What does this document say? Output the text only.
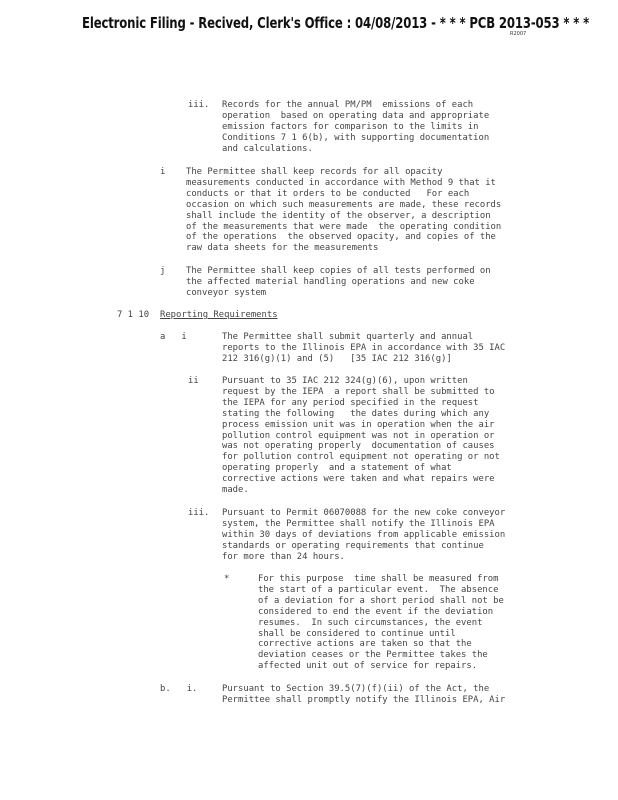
Electronic Filing - Recived, Clerk's Office : 04/08/2013 - * * * PCB 2013-053 * * *
R2007
iii. Records for the annual PM/PM  emissions of each
operation  based on operating data and appropriate
emission factors for comparison to the limits in
Conditions 7 1 6(b), with supporting documentation
and calculations.
i The Permittee shall keep records for all opacity
measurements conducted in accordance with Method 9 that it
conducts or that it orders to be conducted   For each
occasion on which such measurements are made, these records
shall include the identity of the observer, a description
of the measurements that were made  the operating condition
of the operations  the observed opacity, and copies of the
raw data sheets for the measurements
j The Permittee shall keep copies of all tests performed on
the affected material handling operations and new coke
conveyor system
7 1 10 Reporting Requirements
a   i	The Permittee shall submit quarterly and annual
reports to the Illinois EPA in accordance with 35 IAC
212 316(g)(1) and (5)   [35 IAC 212 316(g)]
ii	Pursuant to 35 IAC 212 324(g)(6), upon written
request by the IEPA  a report shall be submitted to
the IEPA for any period specified in the request
stating the following   the dates during which any
process emission unit was in operation when the air
pollution control equipment was not in operation or
was not operating properly  documentation of causes
for pollution control equipment not operating or not
operating properly  and a statement of what
corrective actions were taken and what repairs were
made.
iii. Pursuant to Permit 06070088 for the new coke conveyor
system, the Permittee shall notify the Illinois EPA
within 30 days of deviations from applicable emission
standards or operating requirements that continue
for more than 24 hours.
*	For this purpose  time shall be measured from
the start of a particular event.  The absence
of a deviation for a short period shall not be
considered to end the event if the deviation
resumes.  In such circumstances, the event
shall be considered to continue until
corrective actions are taken so that the
deviation ceases or the Permittee takes the
affected unit out of service for repairs.
b.   i.	Pursuant to Section 39.5(7)(f)(ii) of the Act, the
Permittee shall promptly notify the Illinois EPA, Air
